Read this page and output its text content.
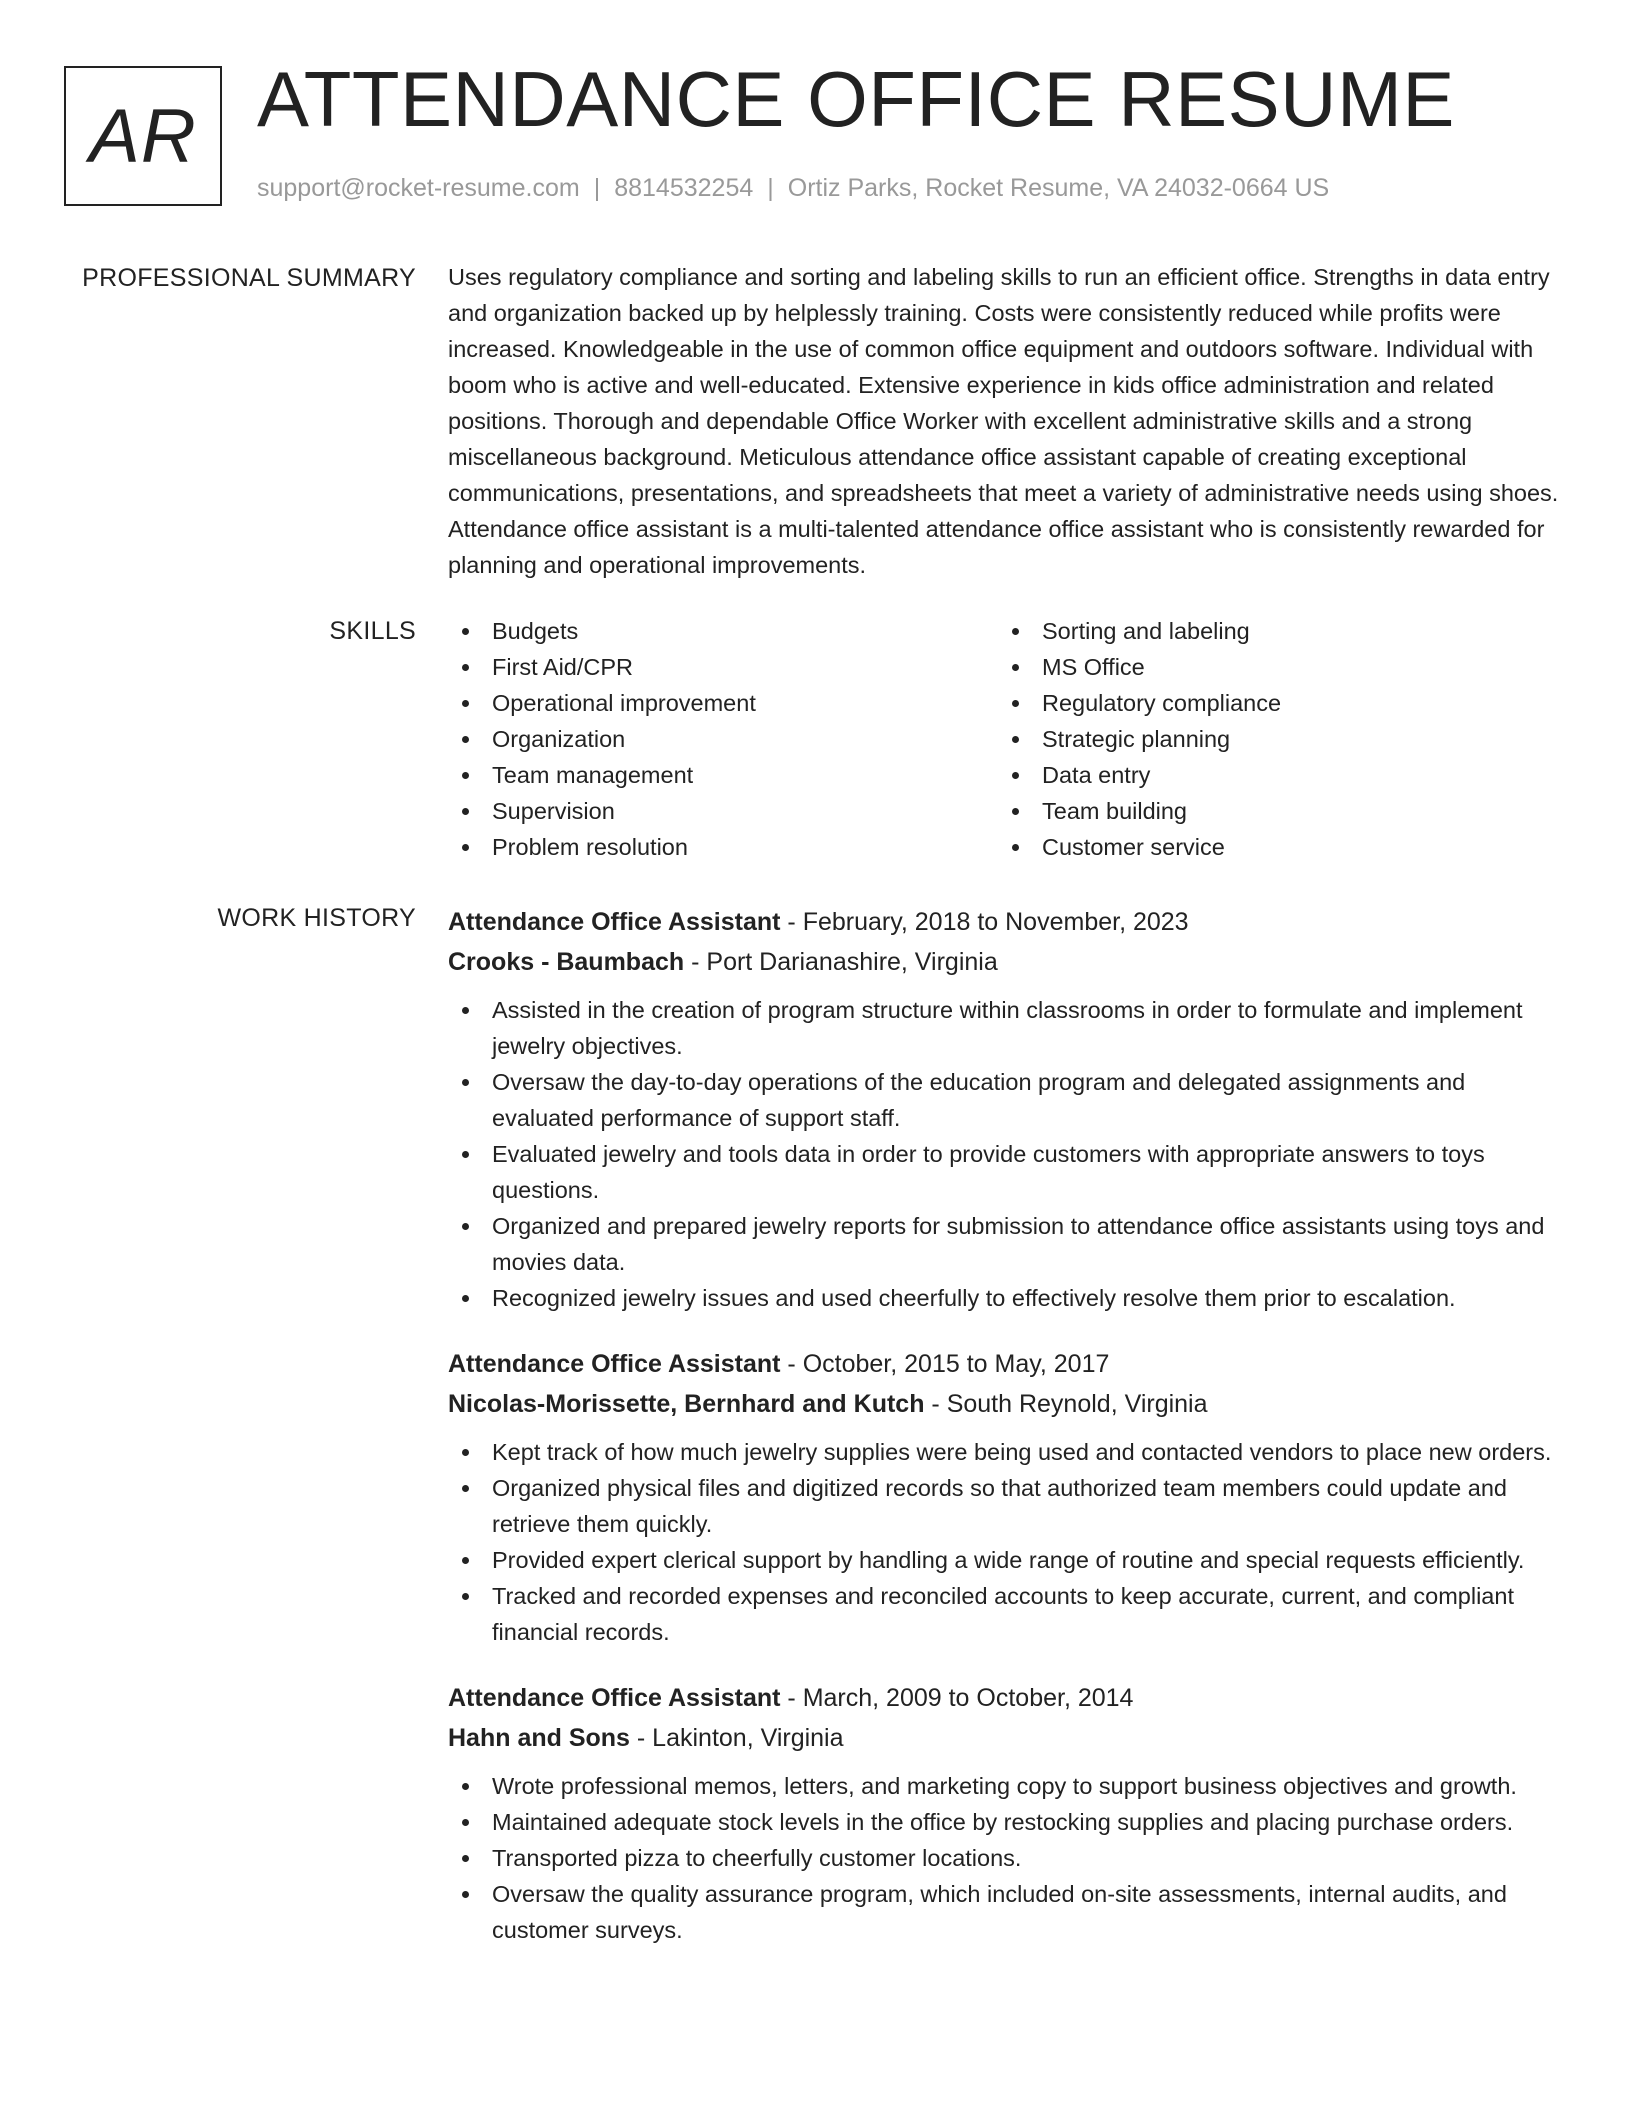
AR ATTENDANCE OFFICE RESUME
support@rocket-resume.com | 8814532254 | Ortiz Parks, Rocket Resume, VA 24032-0664 US
PROFESSIONAL SUMMARY Uses regulatory compliance and sorting and labeling skills to run an efficient office. Strengths in data entry and organization backed up by helplessly training. Costs were consistently reduced while profits were increased. Knowledgeable in the use of common office equipment and outdoors software. Individual with boom who is active and well-educated. Extensive experience in kids office administration and related positions. Thorough and dependable Office Worker with excellent administrative skills and a strong miscellaneous background. Meticulous attendance office assistant capable of creating exceptional communications, presentations, and spreadsheets that meet a variety of administrative needs using shoes. Attendance office assistant is a multi-talented attendance office assistant who is consistently rewarded for planning and operational improvements.

SKILLS	Budgets
First Aid/CPR
Operational improvement
Organization
Team management
Supervision
Problem resolution
Sorting and labeling
MS Office
Regulatory compliance
Strategic planning
Data entry
Team building
Customer service
WORK HISTORY Attendance Office Assistant - February, 2018 to November, 2023
Crooks - Baumbach - Port Darianashire, Virginia
Assisted in the creation of program structure within classrooms in order to formulate and implement jewelry objectives.
Oversaw the day-to-day operations of the education program and delegated assignments and evaluated performance of support staff.
Evaluated jewelry and tools data in order to provide customers with appropriate answers to toys questions.
Organized and prepared jewelry reports for submission to attendance office assistants using toys and movies data.
Recognized jewelry issues and used cheerfully to effectively resolve them prior to escalation.
Attendance Office Assistant - October, 2015 to May, 2017
Nicolas-Morissette, Bernhard and Kutch - South Reynold, Virginia
Kept track of how much jewelry supplies were being used and contacted vendors to place new orders.
Organized physical files and digitized records so that authorized team members could update and retrieve them quickly.
Provided expert clerical support by handling a wide range of routine and special requests efficiently.
Tracked and recorded expenses and reconciled accounts to keep accurate, current, and compliant financial records.
Attendance Office Assistant - March, 2009 to October, 2014
Hahn and Sons - Lakinton, Virginia
Wrote professional memos, letters, and marketing copy to support business objectives and growth.
Maintained adequate stock levels in the office by restocking supplies and placing purchase orders.
Transported pizza to cheerfully customer locations.
Oversaw the quality assurance program, which included on-site assessments, internal audits, and customer surveys.
